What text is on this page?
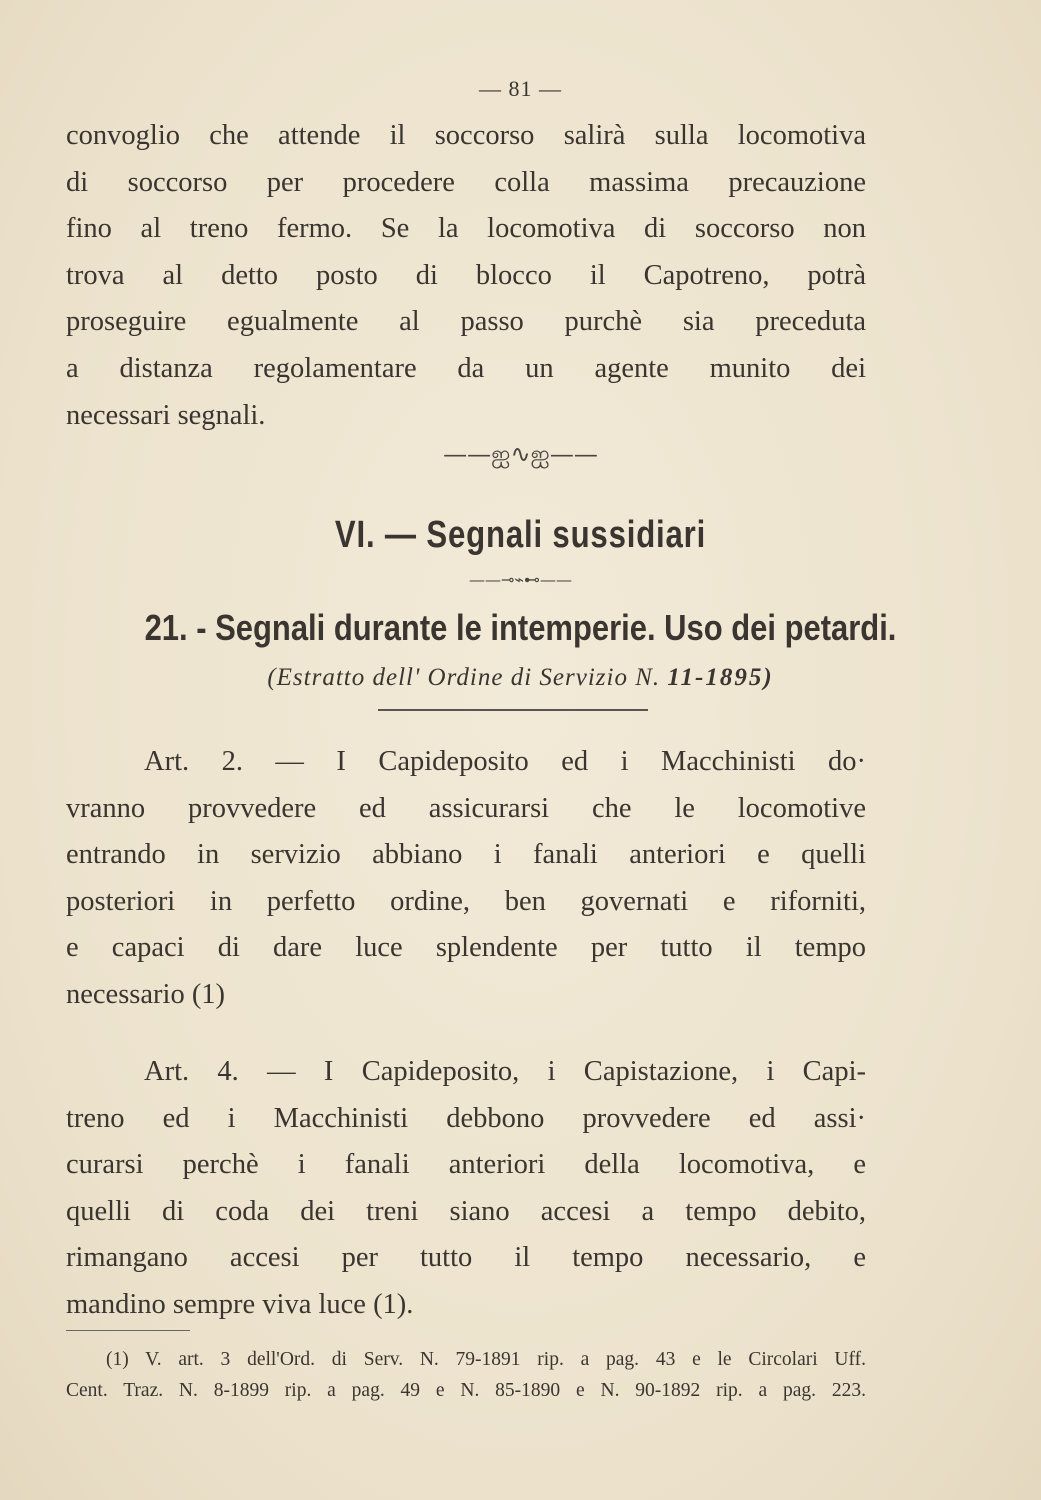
— 81 —
convoglio che attende il soccorso salirà sulla locomotiva
di soccorso per procedere colla massima precauzione
fino al treno fermo. Se la locomotiva di soccorso non
trova al detto posto di blocco il Capotreno, potrà
proseguire egualmente al passo purchè sia preceduta
a distanza regolamentare da un agente munito dei
necessari segnali.
——ஐ∿ஐ——
VI. — Segnali sussidiari
——⊸⌁⊷——
21. - Segnali durante le intemperie. Uso dei petardi.
(Estratto dell' Ordine di Servizio N. 11-1895)
Art. 2. — I Capideposito ed i Macchinisti do·
vranno provvedere ed assicurarsi che le locomotive
entrando in servizio abbiano i fanali anteriori e quelli
posteriori in perfetto ordine, ben governati e riforniti,
e capaci di dare luce splendente per tutto il tempo
necessario (1)
Art. 4. — I Capideposito, i Capistazione, i Capi-
treno ed i Macchinisti debbono provvedere ed assi·
curarsi perchè i fanali anteriori della locomotiva, e
quelli di coda dei treni siano accesi a tempo debito,
rimangano accesi per tutto il tempo necessario, e
mandino sempre viva luce (1).
(1) V. art. 3 dell'Ord. di Serv. N. 79-1891 rip. a pag. 43 e le Circolari Uff.
Cent. Traz. N. 8-1899 rip. a pag. 49 e N. 85-1890 e N. 90-1892 rip. a pag. 223.
